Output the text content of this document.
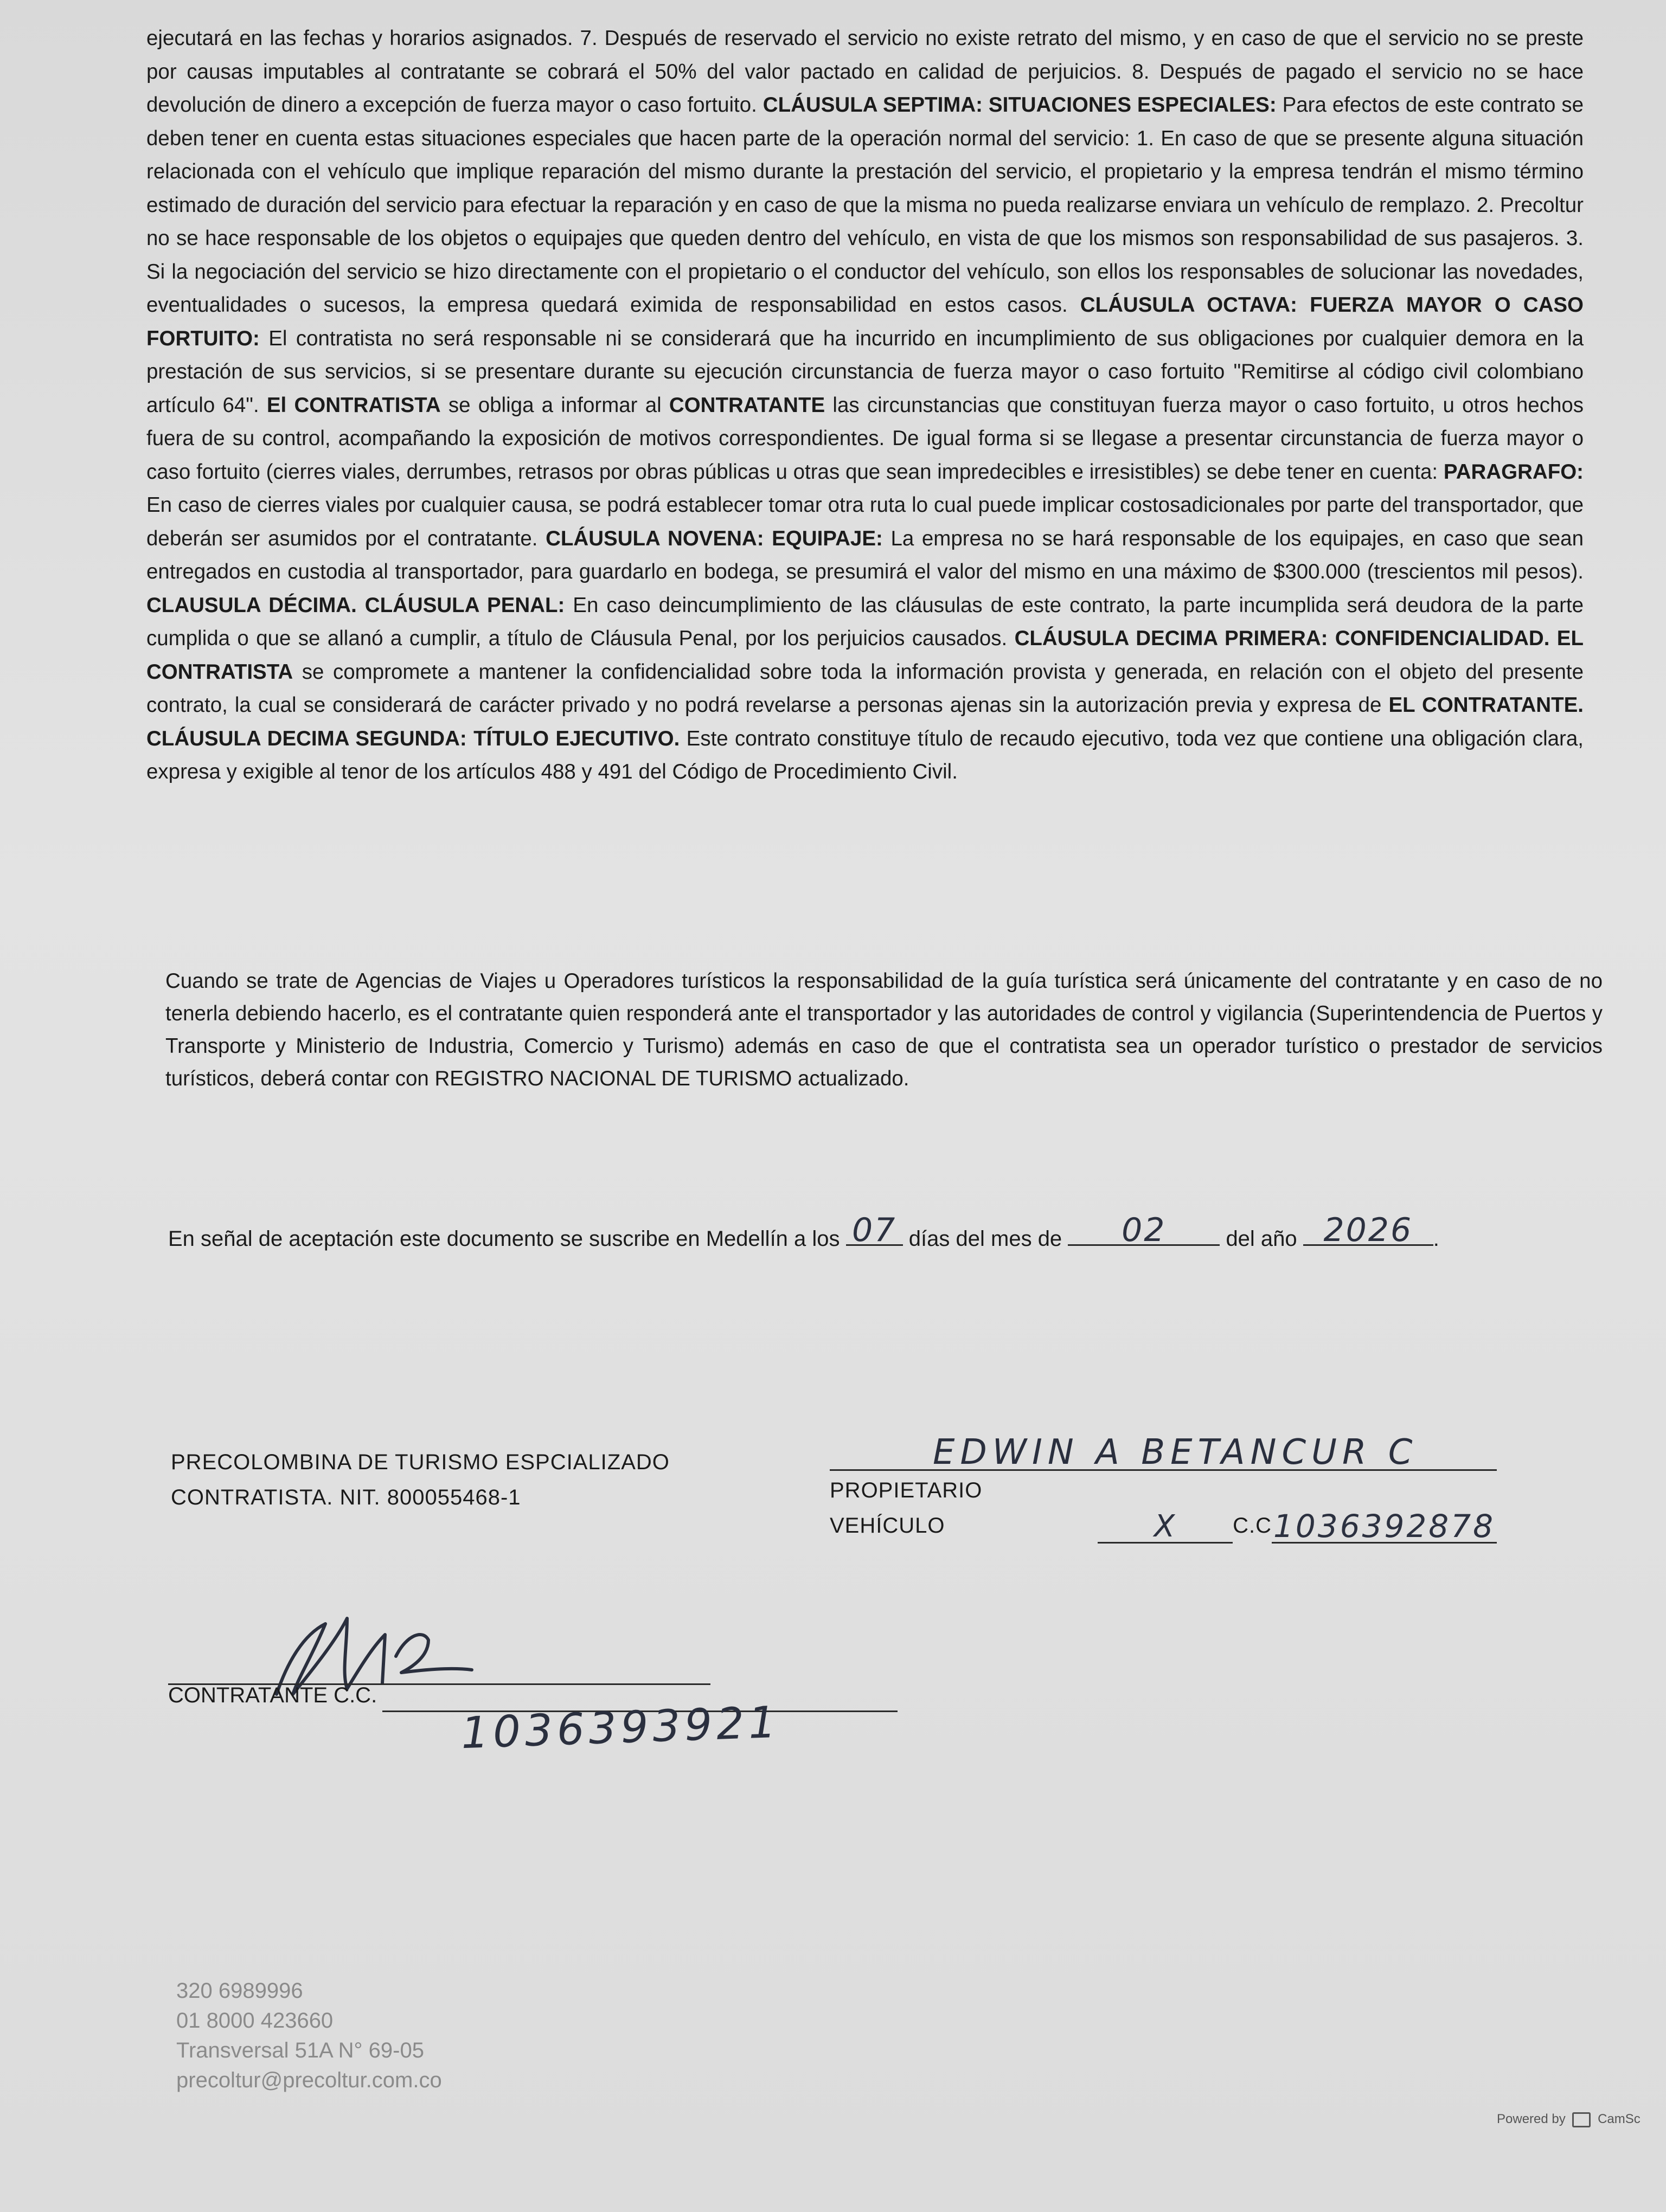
ejecutará en las fechas y horarios asignados. 7. Después de reservado el servicio no existe retrato del mismo, y en caso de que el servicio no se preste por causas imputables al contratante se cobrará el 50% del valor pactado en calidad de perjuicios. 8. Después de pagado el servicio no se hace devolución de dinero a excepción de fuerza mayor o caso fortuito. CLÁUSULA SEPTIMA: SITUACIONES ESPECIALES: Para efectos de este contrato se deben tener en cuenta estas situaciones especiales que hacen parte de la operación normal del servicio: 1. En caso de que se presente alguna situación relacionada con el vehículo que implique reparación del mismo durante la prestación del servicio, el propietario y la empresa tendrán el mismo término estimado de duración del servicio para efectuar la reparación y en caso de que la misma no pueda realizarse enviara un vehículo de remplazo. 2. Precoltur no se hace responsable de los objetos o equipajes que queden dentro del vehículo, en vista de que los mismos son responsabilidad de sus pasajeros. 3. Si la negociación del servicio se hizo directamente con el propietario o el conductor del vehículo, son ellos los responsables de solucionar las novedades, eventualidades o sucesos, la empresa quedará eximida de responsabilidad en estos casos. CLÁUSULA OCTAVA: FUERZA MAYOR O CASO FORTUITO: El contratista no será responsable ni se considerará que ha incurrido en incumplimiento de sus obligaciones por cualquier demora en la prestación de sus servicios, si se presentare durante su ejecución circunstancia de fuerza mayor o caso fortuito "Remitirse al código civil colombiano artículo 64". El CONTRATISTA se obliga a informar al CONTRATANTE las circunstancias que constituyan fuerza mayor o caso fortuito, u otros hechos fuera de su control, acompañando la exposición de motivos correspondientes. De igual forma si se llegase a presentar circunstancia de fuerza mayor o caso fortuito (cierres viales, derrumbes, retrasos por obras públicas u otras que sean impredecibles e irresistibles) se debe tener en cuenta: PARAGRAFO: En caso de cierres viales por cualquier causa, se podrá establecer tomar otra ruta lo cual puede implicar costosadicionales por parte del transportador, que deberán ser asumidos por el contratante. CLÁUSULA NOVENA: EQUIPAJE: La empresa no se hará responsable de los equipajes, en caso que sean entregados en custodia al transportador, para guardarlo en bodega, se presumirá el valor del mismo en una máximo de $300.000 (trescientos mil pesos). CLAUSULA DÉCIMA. CLÁUSULA PENAL: En caso deincumplimiento de las cláusulas de este contrato, la parte incumplida será deudora de la parte cumplida o que se allanó a cumplir, a título de Cláusula Penal, por los perjuicios causados. CLÁUSULA DECIMA PRIMERA: CONFIDENCIALIDAD. EL CONTRATISTA se compromete a mantener la confidencialidad sobre toda la información provista y generada, en relación con el objeto del presente contrato, la cual se considerará de carácter privado y no podrá revelarse a personas ajenas sin la autorización previa y expresa de EL CONTRATANTE. CLÁUSULA DECIMA SEGUNDA: TÍTULO EJECUTIVO. Este contrato constituye título de recaudo ejecutivo, toda vez que contiene una obligación clara, expresa y exigible al tenor de los artículos 488 y 491 del Código de Procedimiento Civil.

Cuando se trate de Agencias de Viajes u Operadores turísticos la responsabilidad de la guía turística será únicamente del contratante y en caso de no tenerla debiendo hacerlo, es el contratante quien responderá ante el transportador y las autoridades de control y vigilancia (Superintendencia de Puertos y Transporte y Ministerio de Industria, Comercio y Turismo) además en caso de que el contratista sea un operador turístico o prestador de servicios turísticos, deberá contar con REGISTRO NACIONAL DE TURISMO actualizado.

En señal de aceptación este documento se suscribe en Medellín a los 07 días del mes de	02	del año 2026 .
PRECOLOMBINA DE TURISMO ESPCIALIZADO
CONTRATISTA. NIT. 800055468-1
EDWIN A BETANCUR C
PROPIETARIO VEHÍCULO	X	C.C 1036392878
CONTRATANTE C.C.
1036393921
320 6989996
01 8000 423660
Transversal 51A N° 69-05
precoltur@precoltur.com.co
Powered by CamSc
